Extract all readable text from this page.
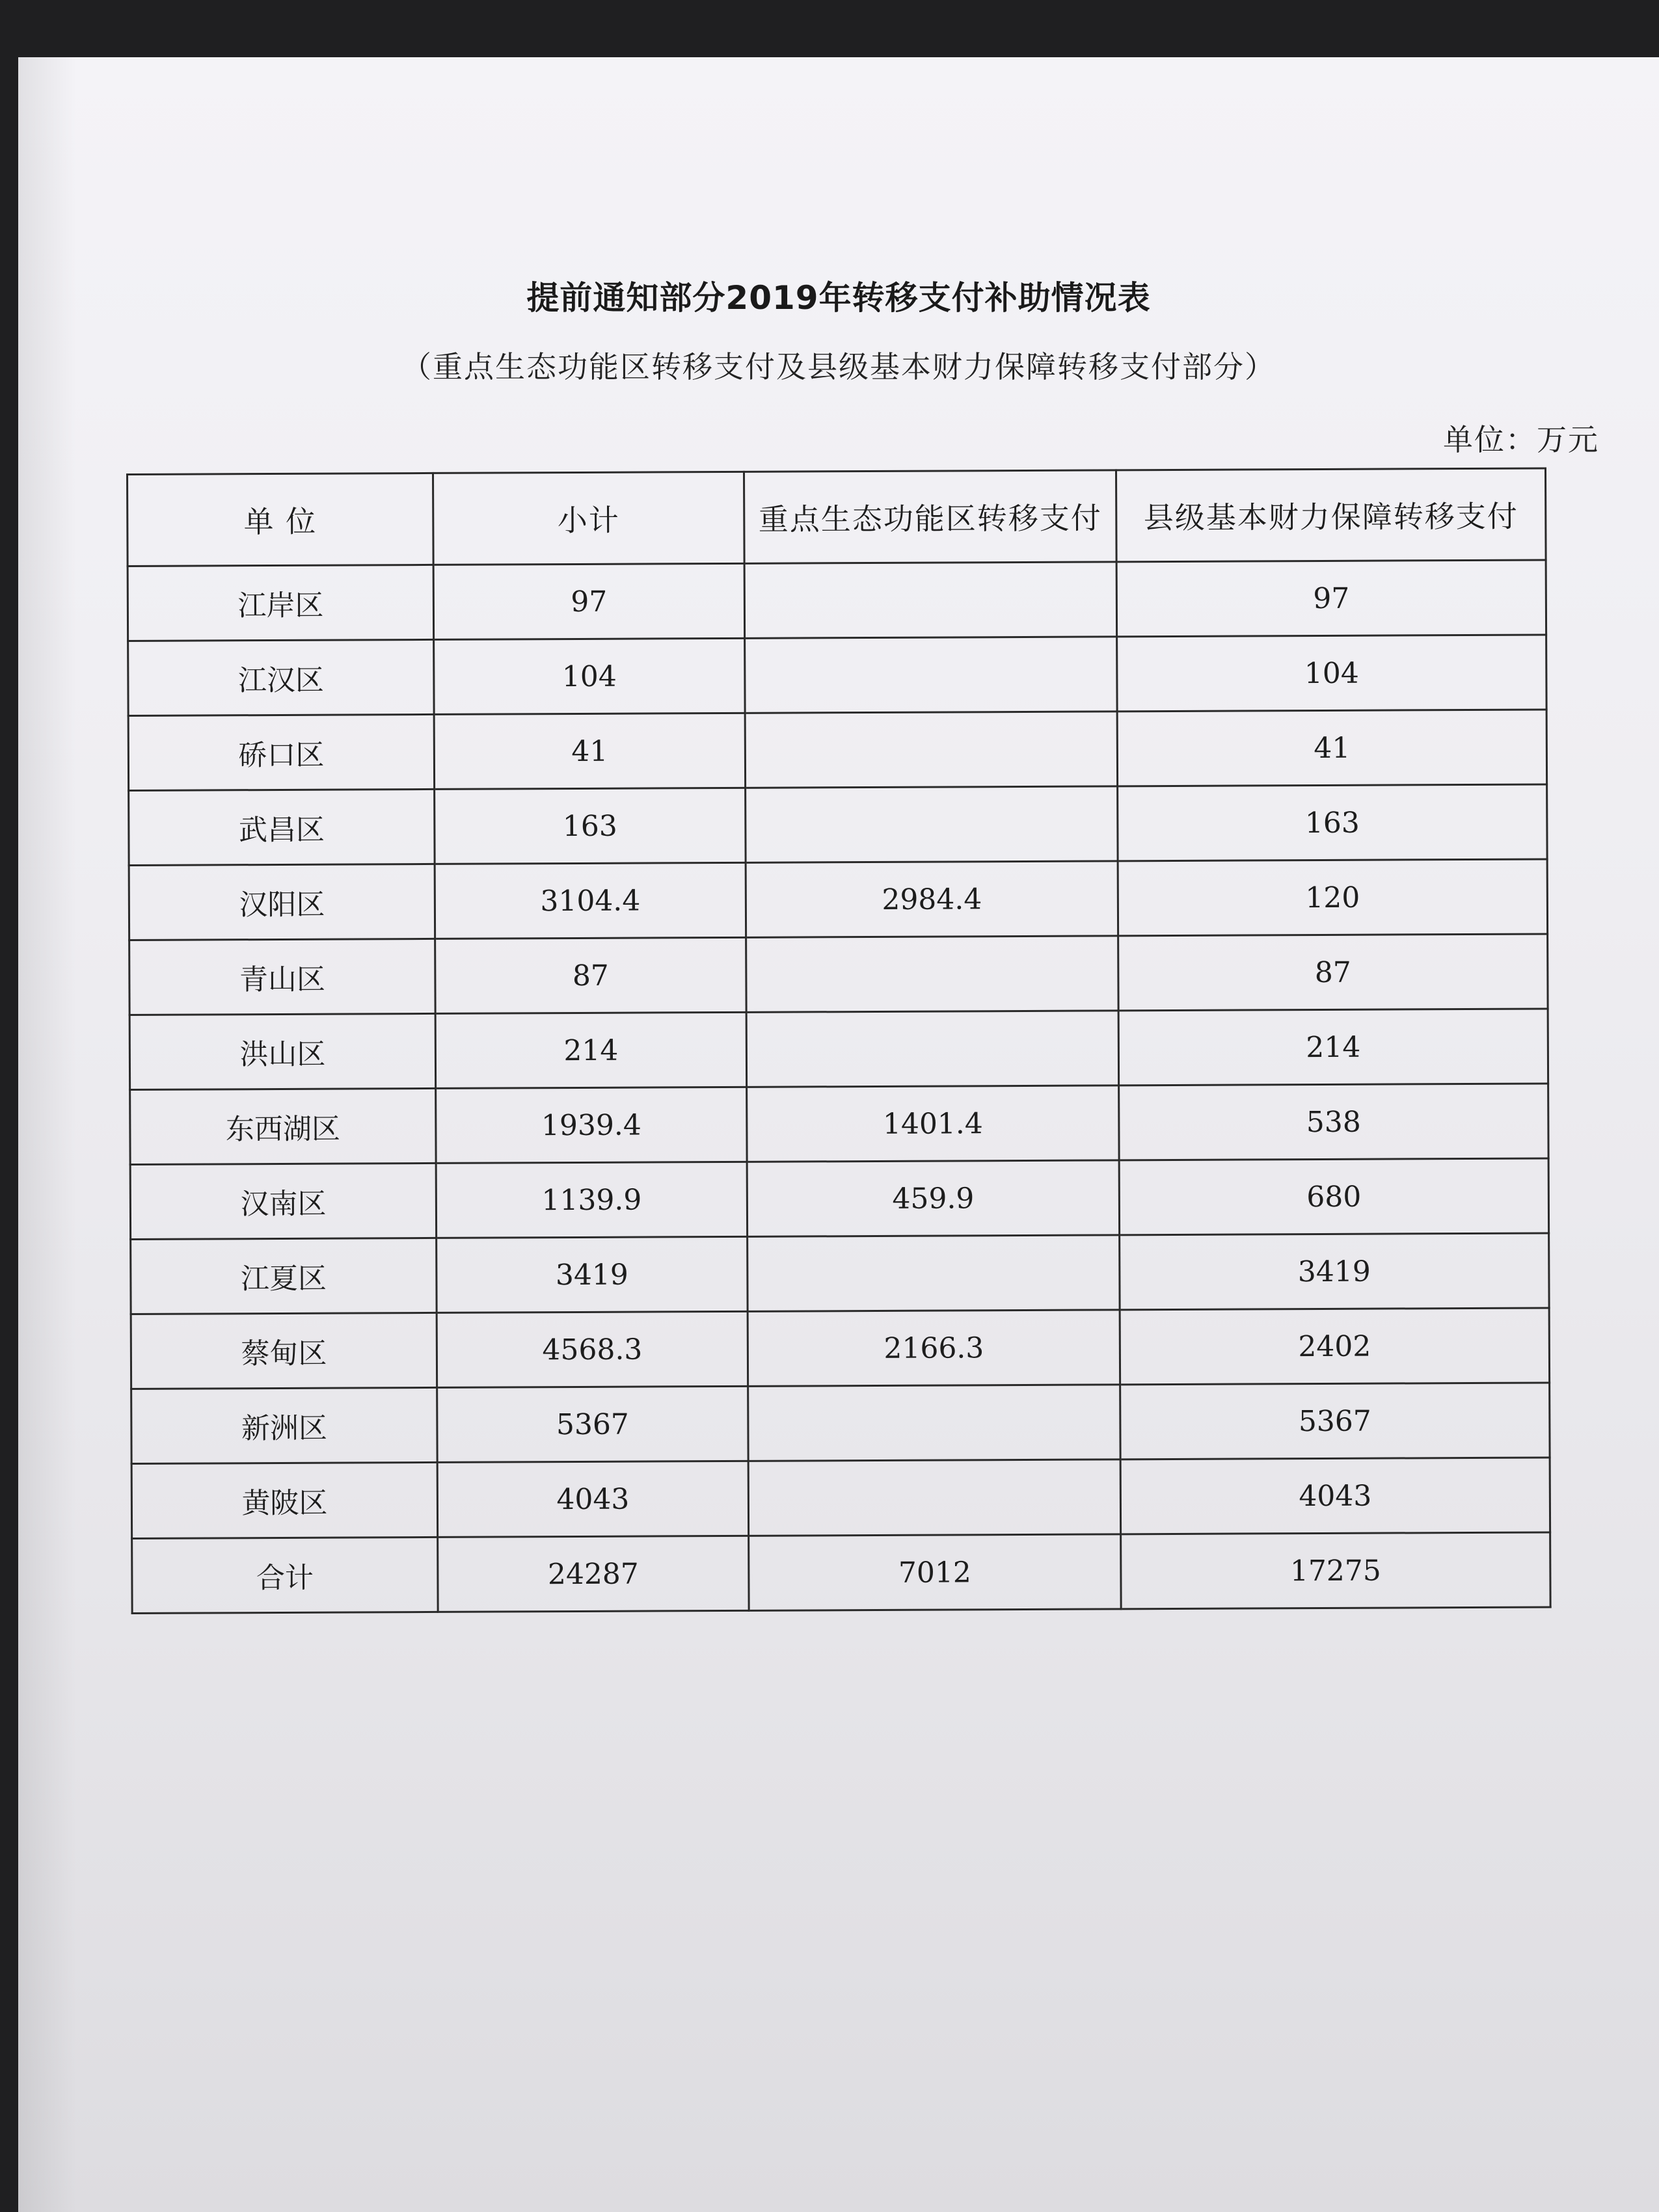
提前通知部分2019年转移支付补助情况表
（重点生态功能区转移支付及县级基本财力保障转移支付部分）
单位：万元
单 位	小计	重点生态功能区转移支付	县级基本财力保障转移支付
江岸区	97		97
江汉区	104		104
硚口区	41		41
武昌区	163		163
汉阳区	3104.4	2984.4	120
青山区	87		87
洪山区	214		214
东西湖区	1939.4	1401.4	538
汉南区	1139.9	459.9	680
江夏区	3419		3419
蔡甸区	4568.3	2166.3	2402
新洲区	5367		5367
黄陂区	4043		4043
合计	24287	7012	17275
